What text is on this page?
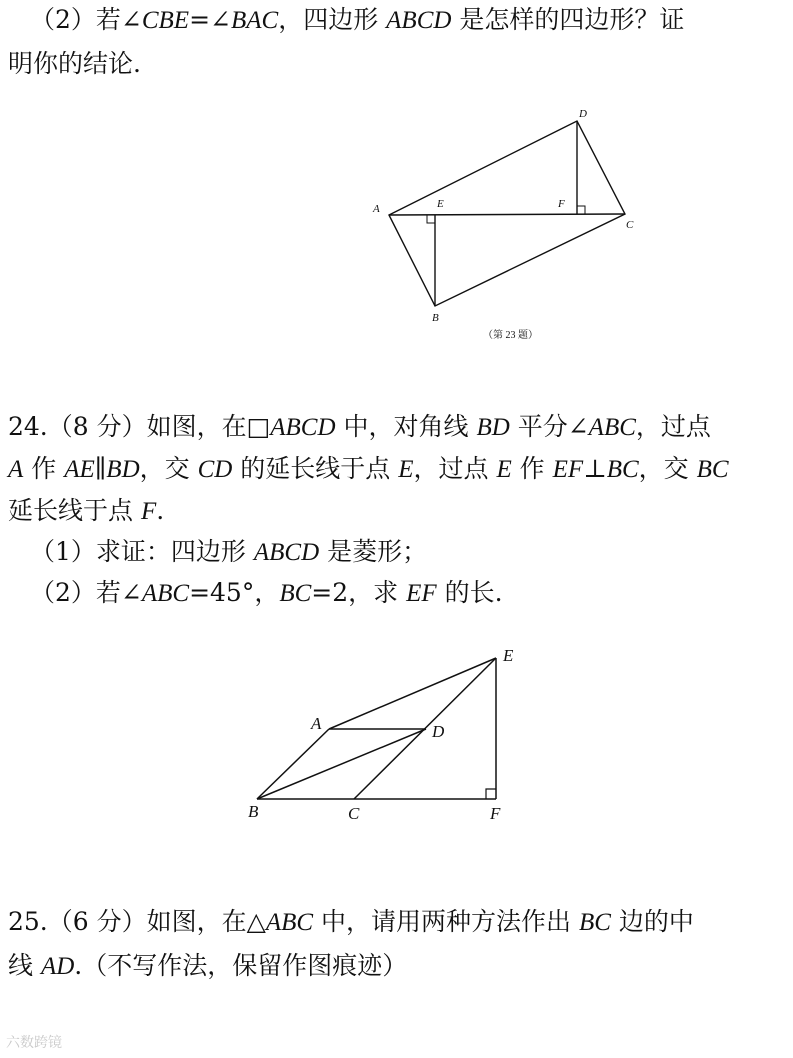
（2）若∠CBE=∠BAC，四边形 ABCD 是怎样的四边形？证
明你的结论.
A	E	F
D
C
B
（第 23 题）
24.（8 分）如图，在□ABCD 中，对角线 BD 平分∠ABC，过点
A 作 AE∥BD，交 CD 的延长线于点 E，过点 E 作 EF⊥BC，交 BC
延长线于点 F.
（1）求证：四边形 ABCD 是菱形；
（2）若∠ABC=45°，BC=2，求 EF 的长.
E
A	D
B	C	F
25.（6 分）如图，在△ABC 中，请用两种方法作出 BC 边的中
线 AD.（不写作法，保留作图痕迹）
六数跨镜
